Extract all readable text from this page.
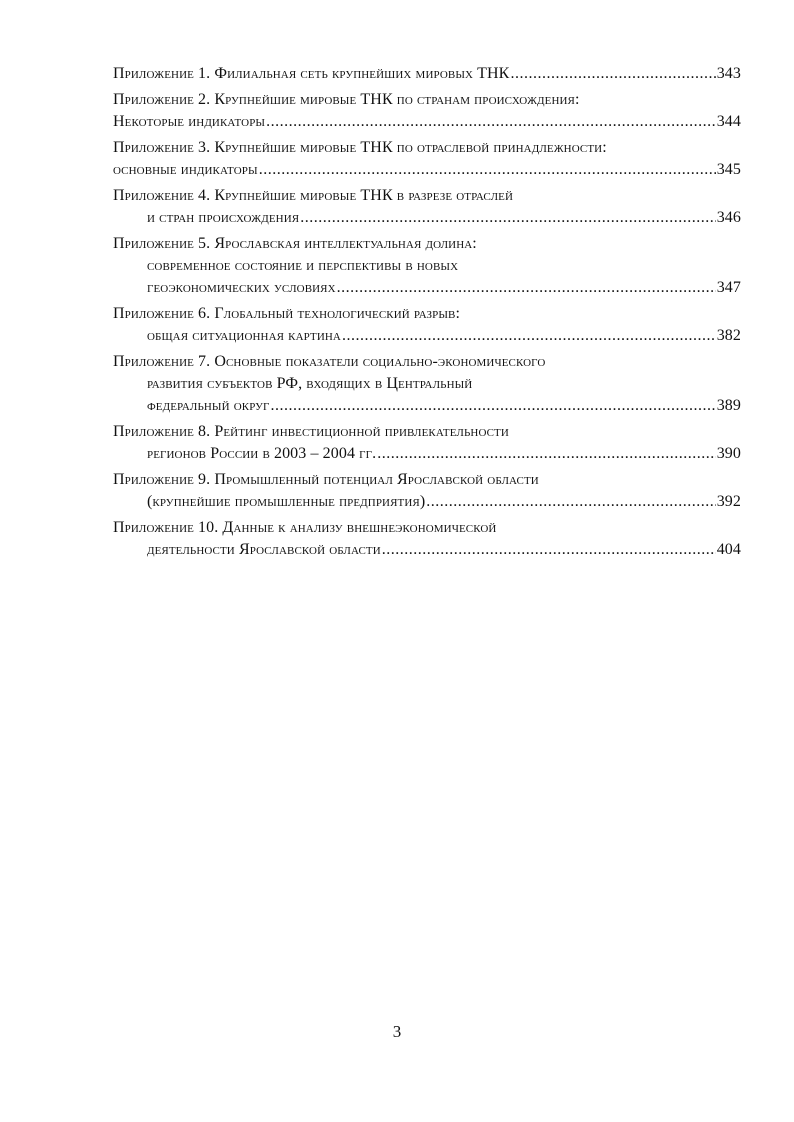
Приложение 1. Филиальная сеть крупнейших мировых ТНК .....	343
Приложение 2. Крупнейшие мировые ТНК по странам происхождения:
Некоторые индикаторы .....	344
Приложение 3. Крупнейшие мировые ТНК по отраслевой принадлежности:
основные индикаторы .....	345
Приложение 4. Крупнейшие мировые ТНК в разрезе отраслей
и стран происхождения .....	346
Приложение 5. Ярославская интеллектуальная долина:
современное состояние и перспективы в новых
геоэкономических условиях .....	347
Приложение 6. Глобальный технологический разрыв:
общая ситуационная картина .....	382
Приложение 7. Основные показатели социально-экономического
развития субъектов РФ, входящих в Центральный
федеральный округ .....	389
Приложение 8. Рейтинг инвестиционной привлекательности
регионов России в 2003 – 2004 гг. .....	390
Приложение 9. Промышленный потенциал Ярославской области
(крупнейшие промышленные предприятия) .....	392
Приложение 10. Данные к анализу внешнеэкономической
деятельности Ярославской области .....	404
3
